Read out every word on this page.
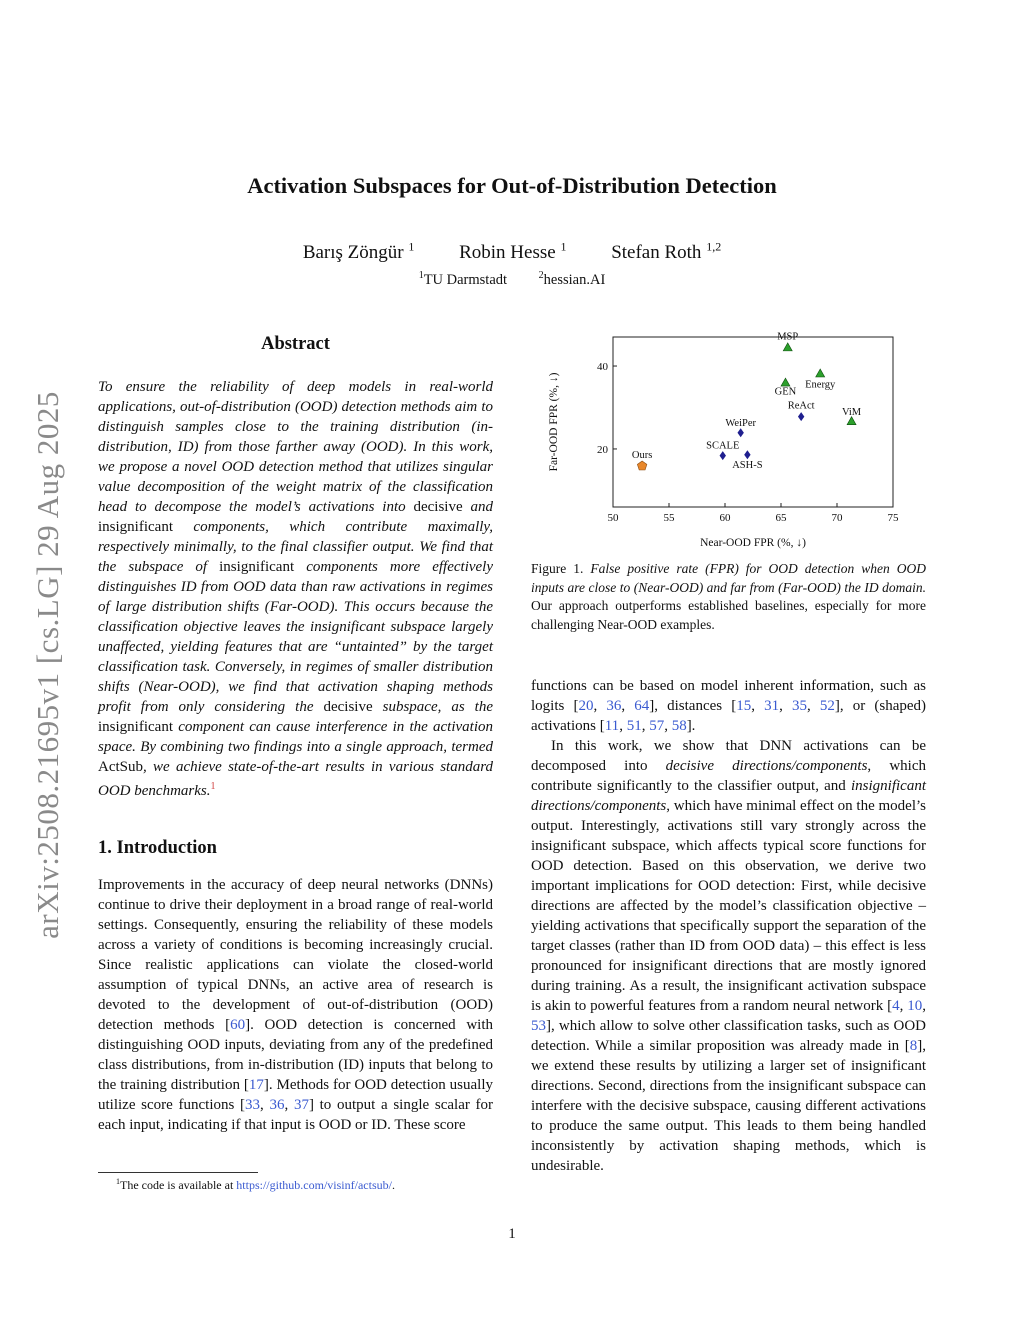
arXiv:2508.21695v1 [cs.LG] 29 Aug 2025
Activation Subspaces for Out-of-Distribution Detection
Barış Zöngür $^1$ Robin Hesse $^1$ Stefan Roth $^{1,2}$
$^1$TU Darmstadt	$^2$hessian.AI
Abstract

To ensure the reliability of deep models in real-world applications, out-of-distribution (OOD) detection methods aim to distinguish samples close to the training distribution (in-distribution, ID) from those farther away (OOD). In this work, we propose a novel OOD detection method that utilizes singular value decomposition of the weight matrix of the classification head to decompose the model’s activations into decisive and insignificant components, which contribute maximally, respectively minimally, to the final classifier output. We find that the subspace of insignificant components more effectively distinguishes ID from OOD data than raw activations in regimes of large distribution shifts (Far-OOD). This occurs because the classification objective leaves the insignificant subspace largely unaffected, yielding features that are “untainted” by the target classification task. Conversely, in regimes of smaller distribution shifts (Near-OOD), we find that activation shaping methods profit from only considering the decisive subspace, as the insignificant component can cause interference in the activation space. By combining two findings into a single approach, termed ActSub, we achieve state-of-the-art results in various standard OOD benchmarks.$^1$

1. Introduction

Improvements in the accuracy of deep neural networks (DNNs) continue to drive their deployment in a broad range of real-world settings. Consequently, ensuring the reliability of these models across a variety of conditions is becoming increasingly crucial. Since realistic applications can violate the closed-world assumption of typical DNNs, an active area of research is devoted to the development of out-of-distribution (OOD) detection methods [60]. OOD detection is concerned with distinguishing OOD inputs, deviating from any of the predefined class distributions, from in-distribution (ID) inputs that belong to the training distribution [17]. Methods for OOD detection usually utilize score functions [33, 36, 37] to output a single scalar for each input, indicating if that input is OOD or ID. These score

$^1$The code is available at https://github.com/visinf/actsub/.
50	55	60	65	70	75
20
40
MSP
Energy
GEN
ViM
ReAct
WeiPer
SCALE
ASH-S
Ours
Near-OOD FPR (%, ↓)
Far-OOD FPR (%, ↓)

Figure 1. False positive rate (FPR) for OOD detection when OOD inputs are close to (Near-OOD) and far from (Far-OOD) the ID domain. Our approach outperforms established baselines, especially for more challenging Near-OOD examples.

functions can be based on model inherent information, such as logits [20, 36, 64], distances [15, 31, 35, 52], or (shaped) activations [11, 51, 57, 58].

In this work, we show that DNN activations can be decomposed into decisive directions/components, which contribute significantly to the classifier output, and insignificant directions/components, which have minimal effect on the model’s output. Interestingly, activations still vary strongly across the insignificant subspace, which affects typical score functions for OOD detection. Based on this observation, we derive two important implications for OOD detection: First, while decisive directions are affected by the model’s classification objective – yielding activations that specifically support the separation of the target classes (rather than ID from OOD data) – this effect is less pronounced for insignificant directions that are mostly ignored during training. As a result, the insignificant activation subspace is akin to powerful features from a random neural network [4, 10, 53], which allow to solve other classification tasks, such as OOD detection. While a similar proposition was already made in [8], we extend these results by utilizing a larger set of insignificant directions. Second, directions from the insignificant subspace can interfere with the decisive subspace, causing different activations to produce the same output. This leads to them being handled inconsistently by activation shaping methods, which is undesirable.

1
